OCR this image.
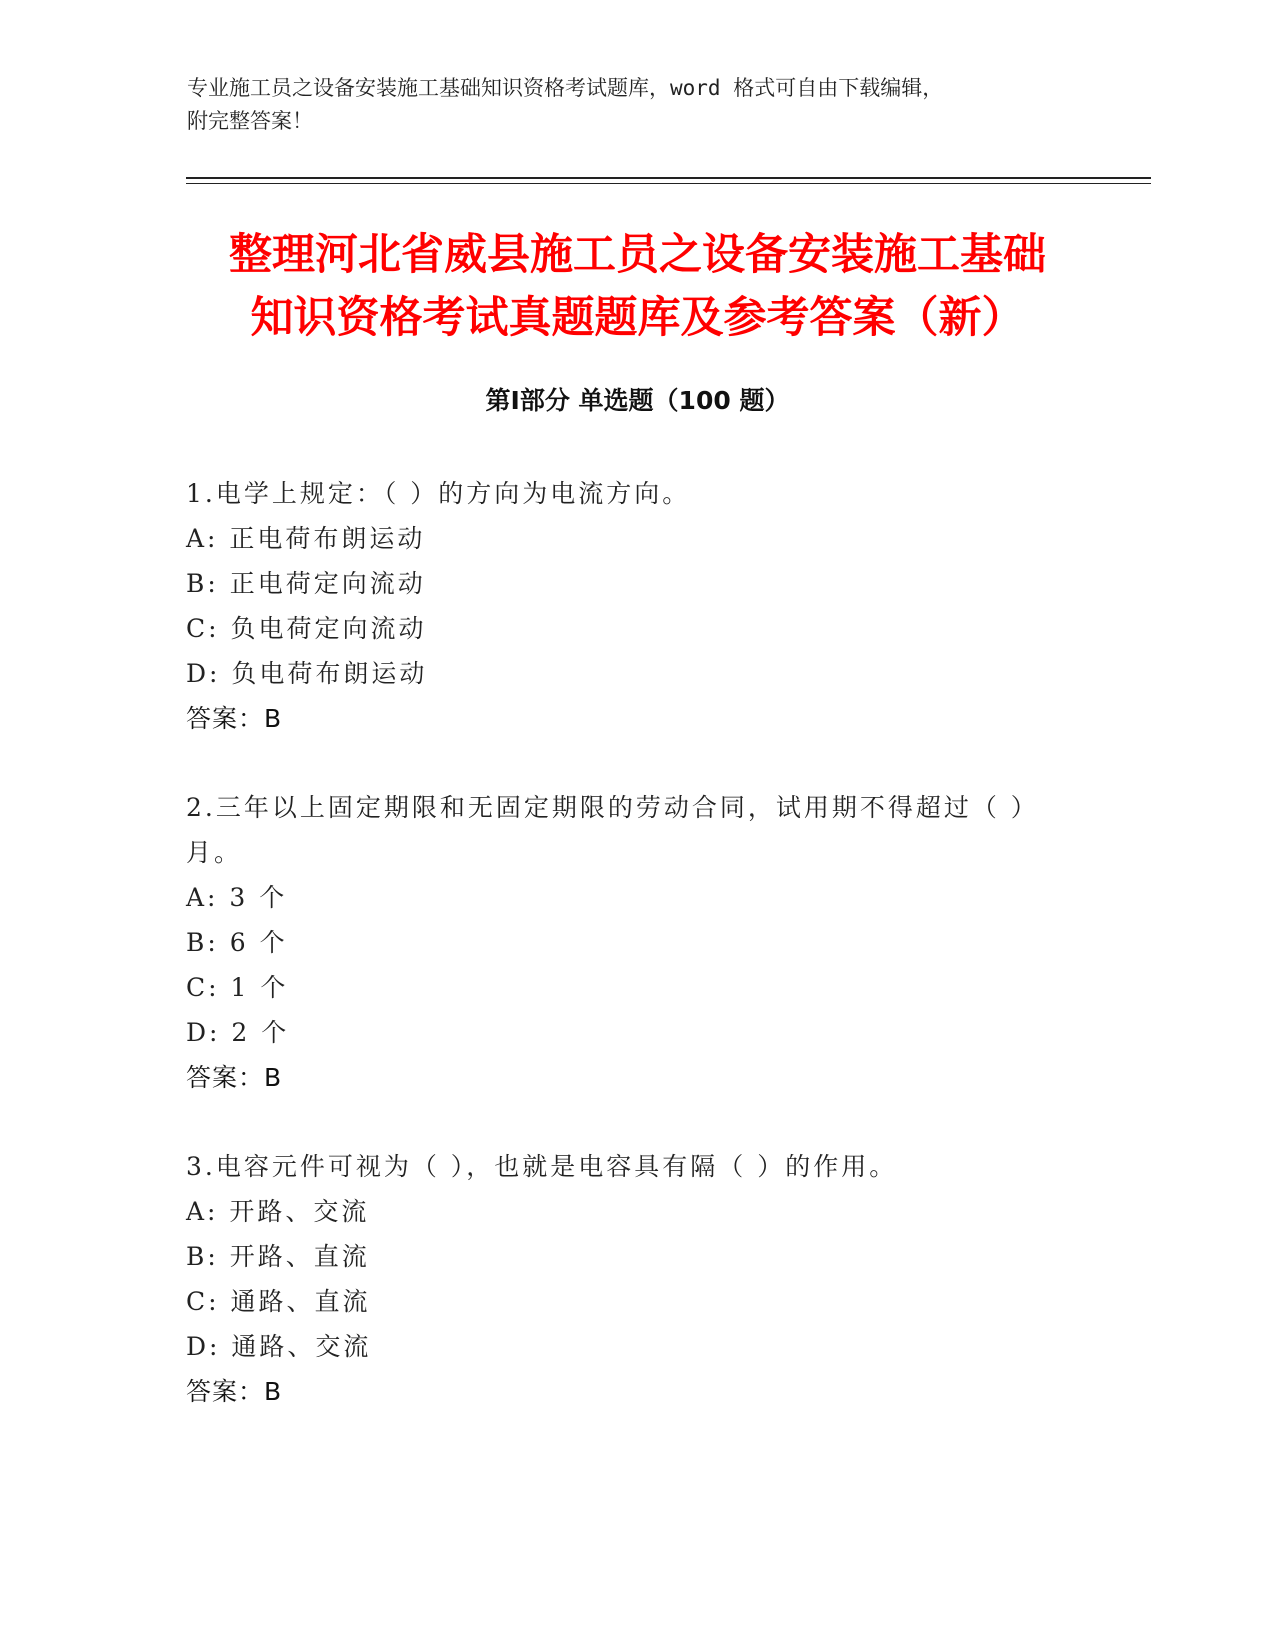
专业施工员之设备安装施工基础知识资格考试题库，word 格式可自由下载编辑，
附完整答案！
整理河北省威县施工员之设备安装施工基础
知识资格考试真题题库及参考答案（新）
第Ⅰ部分 单选题（100 题）
1.电学上规定：（ ）的方向为电流方向。
A: 正电荷布朗运动
B: 正电荷定向流动
C: 负电荷定向流动
D: 负电荷布朗运动
答案：B
2.三年以上固定期限和无固定期限的劳动合同，试用期不得超过（ ）
月。
A: 3 个
B: 6 个
C: 1 个
D: 2 个
答案：B
3.电容元件可视为（ ），也就是电容具有隔（ ）的作用。
A: 开路、交流
B: 开路、直流
C: 通路、直流
D: 通路、交流
答案：B
